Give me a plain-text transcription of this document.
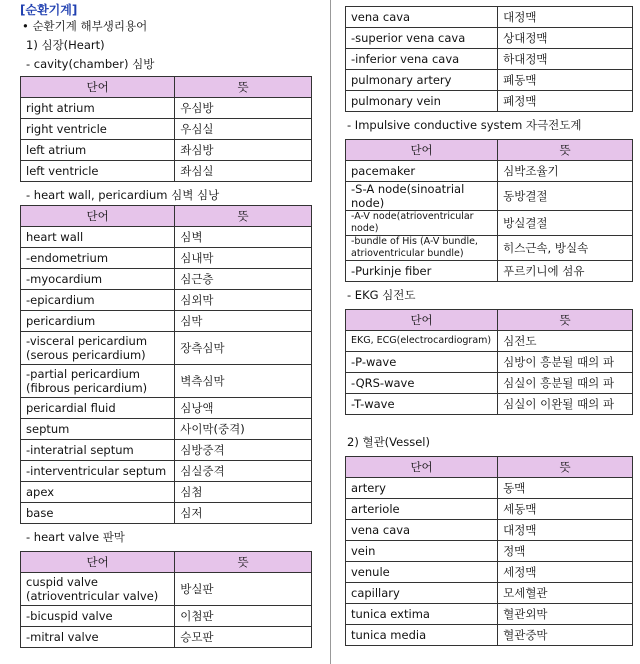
[순환기계]
• 순환기계 해부생리용어
1) 심장(Heart)
- cavity(chamber) 심방
단어	뜻
right atrium	우심방
right ventricle	우심실
left atrium	좌심방
left ventricle	좌심실
- heart wall, pericardium 심벽 심낭
단어	뜻
heart wall	심벽
-endometrium	심내막
-myocardium	심근층
-epicardium	심외막
pericardium	심막
-visceral pericardium
(serous pericardium)	장측심막
-partial pericardium
(fibrous pericardium)	벽측심막
pericardial fluid	심낭액
septum	사이막(중격)
-interatrial septum	심방중격
-interventricular septum	심실중격
apex	심첨
base	심저
- heart valve 판막
단어	뜻
cuspid valve
(atrioventricular valve)	방실판
-bicuspid valve	이첨판
-mitral valve	승모판
vena cava	대정맥
-superior vena cava	상대정맥
-inferior vena cava	하대정맥
pulmonary artery	폐동맥
pulmonary vein	폐정맥
- Impulsive conductive system 자극전도계
단어	뜻
pacemaker	심박조율기
-S-A node(sinoatrial node)	동방결절
-A-V node(atrioventricular node)	방실결절
-bundle of His (A-V bundle, atrioventricular bundle)	히스근속, 방실속
-Purkinje fiber	푸르키니에 섬유
- EKG 심전도
단어	뜻
EKG, ECG(electrocardiogram)	심전도
-P-wave	심방이 흥분될 때의 파
-QRS-wave	심실이 흥분될 때의 파
-T-wave	심실이 이완될 때의 파
2) 혈관(Vessel)
단어	뜻
artery	동맥
arteriole	세동맥
vena cava	대정맥
vein	정맥
venule	세정맥
capillary	모세혈관
tunica extima	혈관외막
tunica media	혈관중막
